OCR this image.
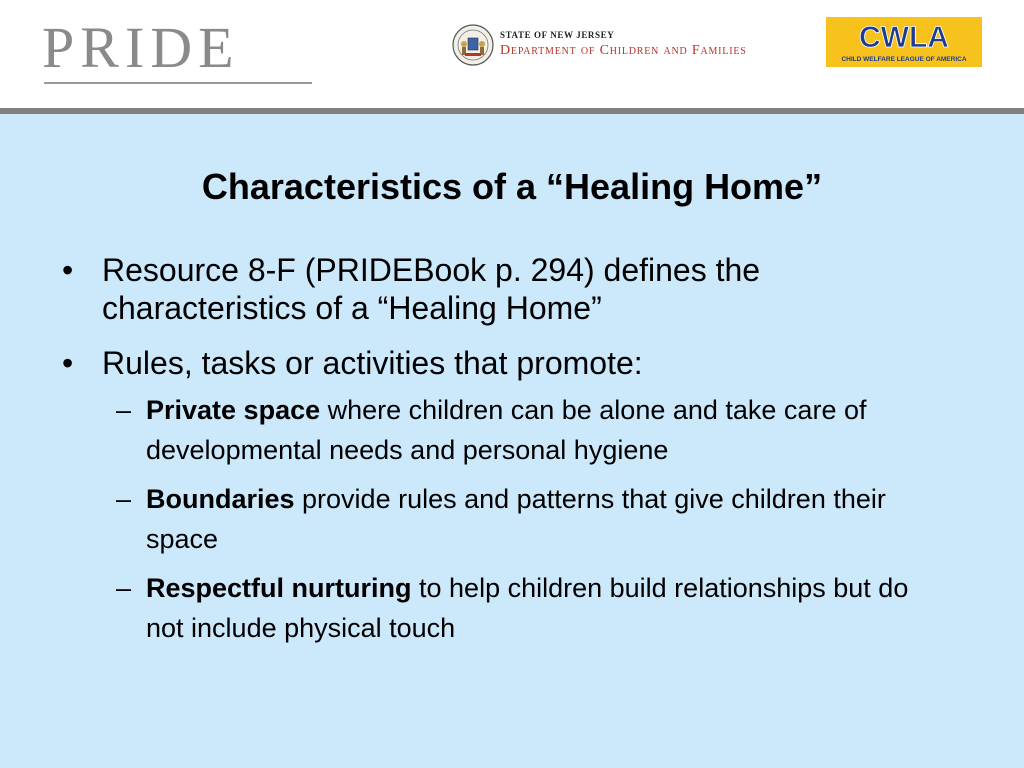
PRIDE	STATE OF NEW JERSEY
Department of Children and Families	CWLA
CHILD WELFARE LEAGUE OF AMERICA
Characteristics of a “Healing Home”
• Resource 8-F (PRIDEBook p. 294) defines the characteristics of a “Healing Home”
• Rules, tasks or activities that promote:
– Private space where children can be alone and take care of developmental needs and personal hygiene
– Boundaries provide rules and patterns that give children their space
– Respectful nurturing to help children build relationships but do not include physical touch
